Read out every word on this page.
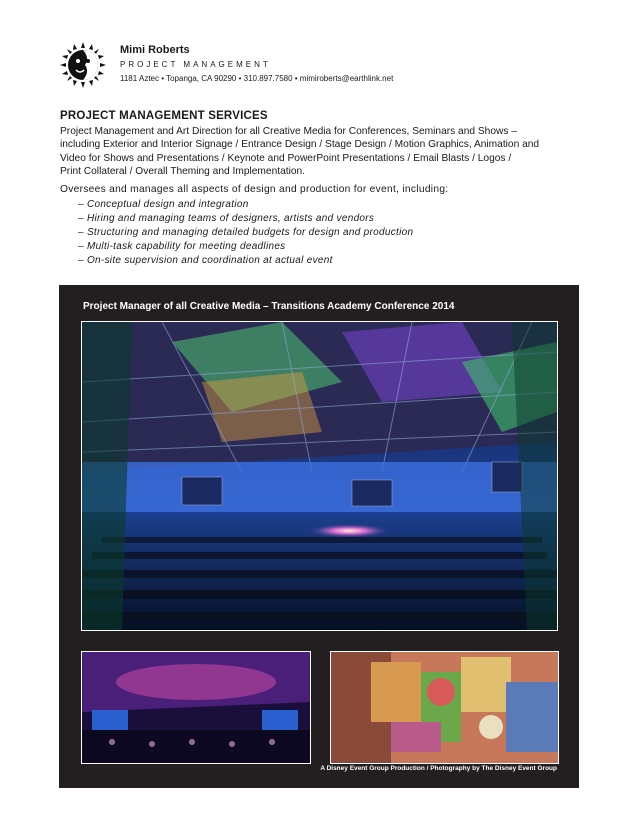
Mimi Roberts
PROJECT MANAGEMENT
1181 Aztec • Topanga, CA 90290 • 310.897.7580 • mimiroberts@earthlink.net
PROJECT MANAGEMENT SERVICES
Project Management and Art Direction for all Creative Media for Conferences, Seminars and Shows –
including Exterior and Interior Signage / Entrance Design / Stage Design / Motion Graphics, Animation and
Video for Shows and Presentations / Keynote and PowerPoint Presentations / Email Blasts / Logos /
Print Collateral / Overall Theming and Implementation.
Oversees and manages all aspects of design and production for event, including:
– Conceptual design and integration
– Hiring and managing teams of designers, artists and vendors
– Structuring and managing detailed budgets for design and production
– Multi-task capability for meeting deadlines
– On-site supervision and coordination at actual event
Project Manager of all Creative Media – Transitions Academy Conference 2014
A Disney Event Group Production / Photography by The Disney Event Group
